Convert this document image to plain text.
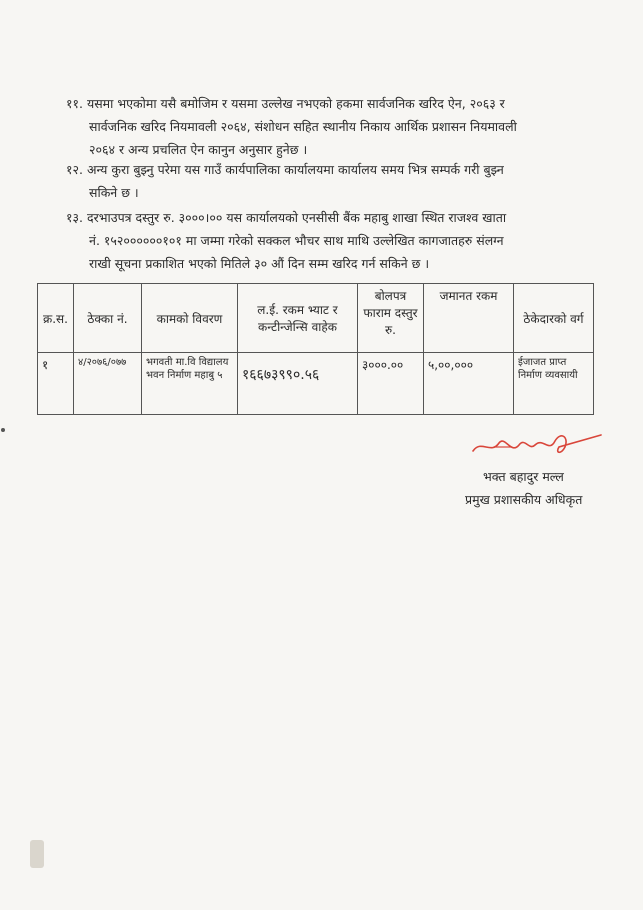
११. यसमा भएकोमा यसै बमोजिम र यसमा उल्लेख नभएको हकमा सार्वजनिक खरिद ऐन, २०६३ र
सार्वजनिक खरिद नियमावली २०६४, संशोधन सहित स्थानीय निकाय आर्थिक प्रशासन नियमावली
२०६४ र अन्य प्रचलित ऐन कानुन अनुसार हुनेछ ।
१२. अन्य कुरा बुझ्नु परेमा यस गाउँ कार्यपालिका कार्यालयमा कार्यालय समय भित्र सम्पर्क गरी बुझ्न
सकिने छ ।
१३. दरभाउपत्र दस्तुर रु. ३०००।०० यस कार्यालयको एनसीसी बैंक महाबु शाखा स्थित राजश्व खाता
नं. १५२००००००१०१ मा जम्मा गरेको सक्कल भौचर साथ माथि उल्लेखित कागजातहरु संलग्न
राखी सूचना प्रकाशित भएको मितिले ३० औं दिन सम्म खरिद गर्न सकिने छ ।
क्र.स.	ठेक्का नं.	कामको विवरण	ल.ई. रकम भ्याट र कन्टीन्जेन्सि वाहेक	बोलपत्र फाराम दस्तुर रु.	जमानत रकम	ठेकेदारको वर्ग
१	४/२०७६/०७७	भगवती मा.वि विद्यालय भवन निर्माण महाबु ५	१६६७३९९०.५६	३०००.००	५,००,०००	ईजाजत प्राप्त निर्माण व्यवसायी
भक्त बहादुर मल्ल
प्रमुख प्रशासकीय अधिकृत
